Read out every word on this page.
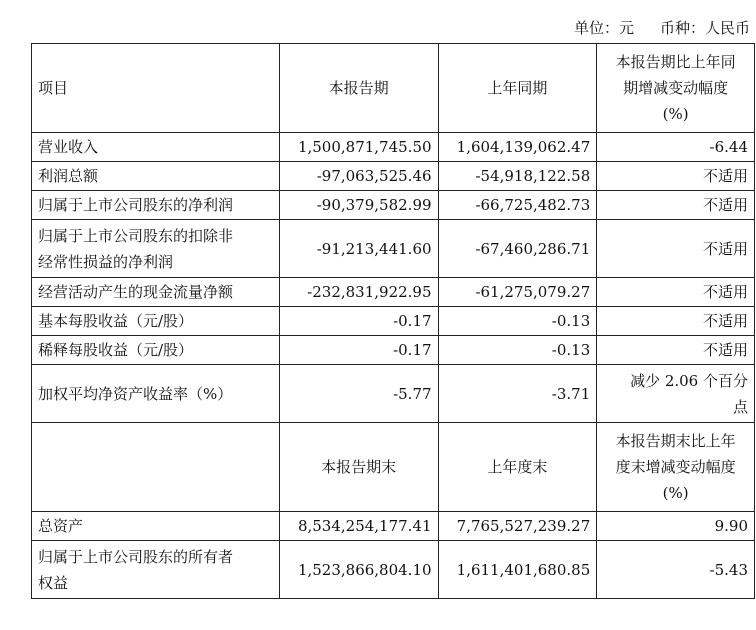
单位：元 币种：人民币
项目	本报告期	上年同期	本报告期比上年同
期增减变动幅度
(%)

营业收入	1,500,871,745.50	1,604,139,062.47	-6.44
利润总额	-97,063,525.46	-54,918,122.58	不适用
归属于上市公司股东的净利润	-90,379,582.99	-66,725,482.73	不适用

归属于上市公司股东的扣除非
经常性损益的净利润	-91,213,441.60	-67,460,286.71	不适用
经营活动产生的现金流量净额	-232,831,922.95	-61,275,079.27	不适用
基本每股收益（元/股）	-0.17	-0.13	不适用
稀释每股收益（元/股）	-0.17	-0.13	不适用
加权平均净资产收益率（%）	-5.77	-3.71	减少 2.06 个百分
点

	本报告期末	上年度末	本报告期末比上年
度末增减变动幅度
(%)

总资产	8,534,254,177.41	7,765,527,239.27	9.90

归属于上市公司股东的所有者
权益	1,523,866,804.10	1,611,401,680.85	-5.43
